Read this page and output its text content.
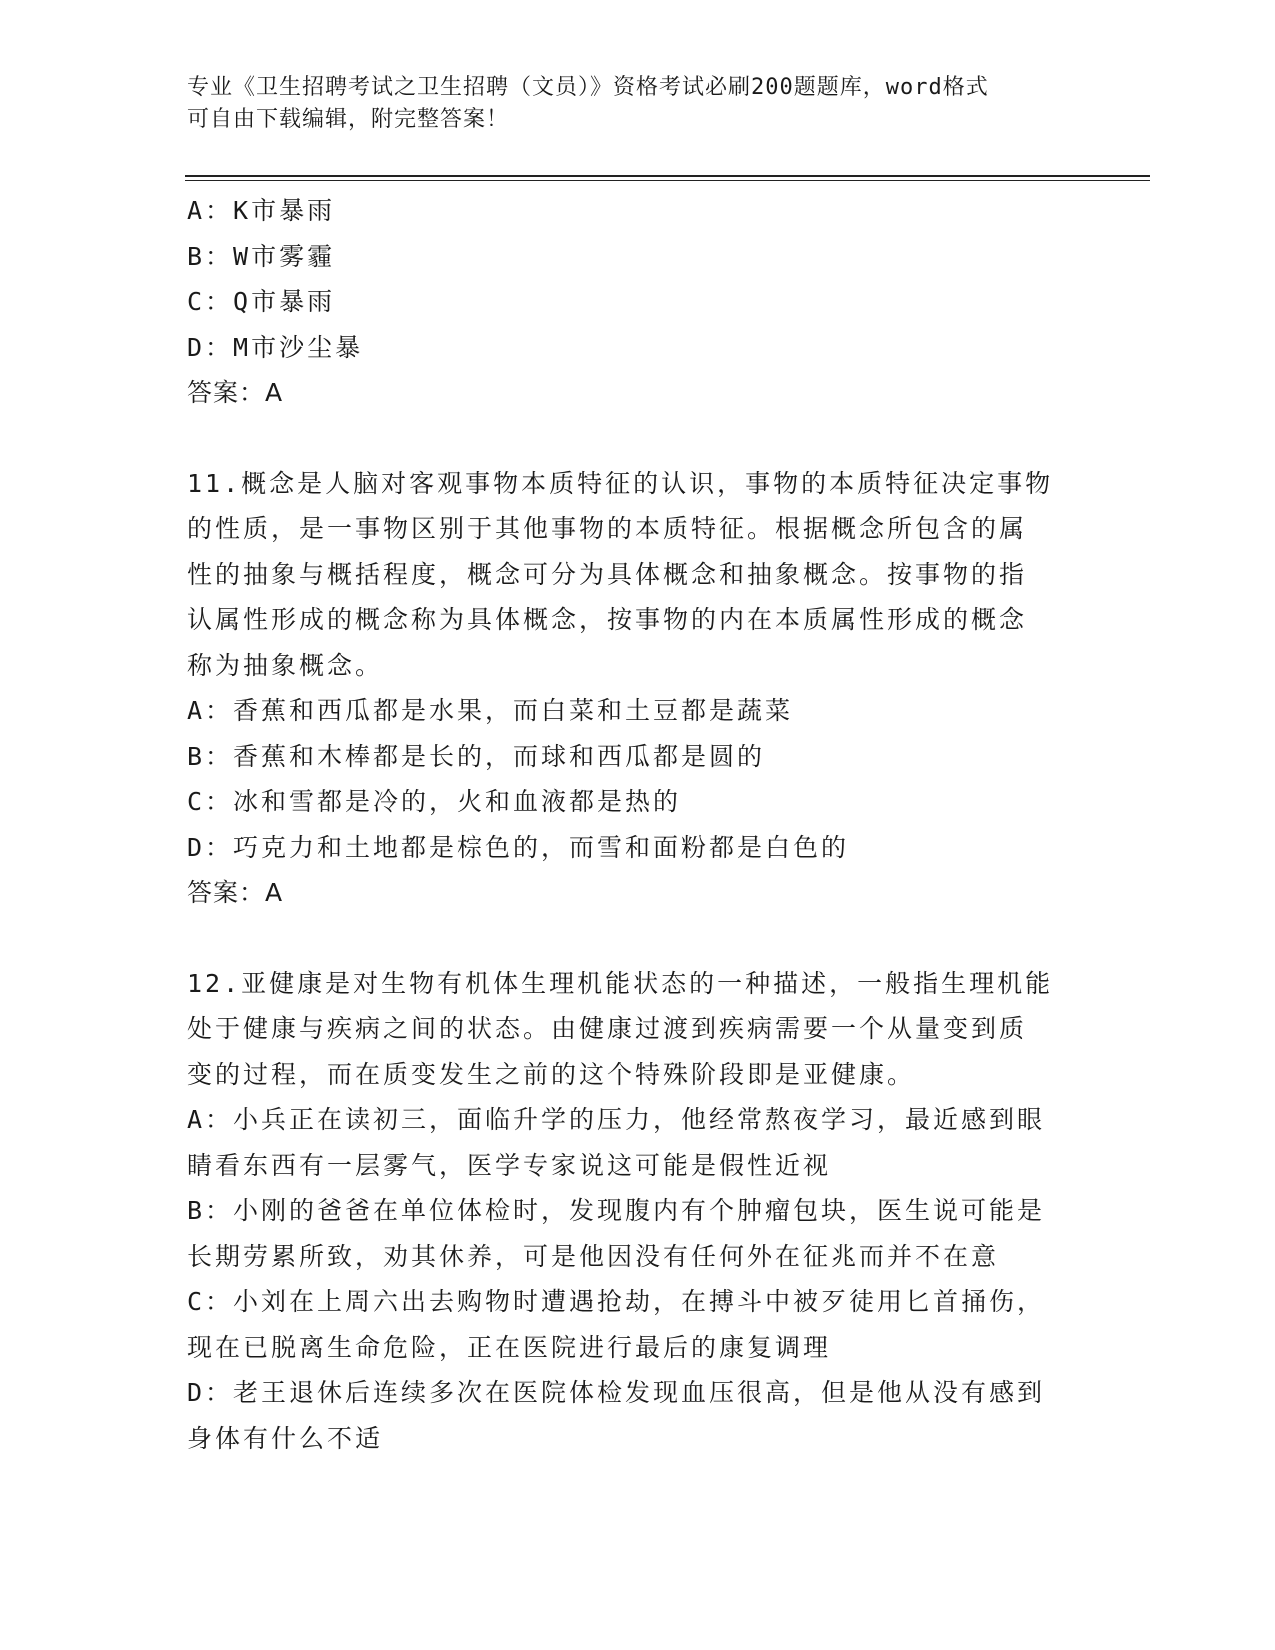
专业《卫生招聘考试之卫生招聘（文员）》资格考试必刷200题题库，word格式
可自由下载编辑，附完整答案！

A：K市暴雨

B：W市雾霾

C：Q市暴雨

D：M市沙尘暴

答案：A

11.概念是人脑对客观事物本质特征的认识，事物的本质特征决定事物

的性质，是一事物区别于其他事物的本质特征。根据概念所包含的属

性的抽象与概括程度，概念可分为具体概念和抽象概念。按事物的指

认属性形成的概念称为具体概念，按事物的内在本质属性形成的概念

称为抽象概念。

A：香蕉和西瓜都是水果，而白菜和土豆都是蔬菜

B：香蕉和木棒都是长的，而球和西瓜都是圆的

C：冰和雪都是冷的，火和血液都是热的

D：巧克力和土地都是棕色的，而雪和面粉都是白色的

答案：A

12.亚健康是对生物有机体生理机能状态的一种描述，一般指生理机能

处于健康与疾病之间的状态。由健康过渡到疾病需要一个从量变到质

变的过程，而在质变发生之前的这个特殊阶段即是亚健康。

A：小兵正在读初三，面临升学的压力，他经常熬夜学习，最近感到眼

睛看东西有一层雾气，医学专家说这可能是假性近视

B：小刚的爸爸在单位体检时，发现腹内有个肿瘤包块，医生说可能是

长期劳累所致，劝其休养，可是他因没有任何外在征兆而并不在意

C：小刘在上周六出去购物时遭遇抢劫，在搏斗中被歹徒用匕首捅伤，

现在已脱离生命危险，正在医院进行最后的康复调理

D：老王退休后连续多次在医院体检发现血压很高，但是他从没有感到

身体有什么不适
